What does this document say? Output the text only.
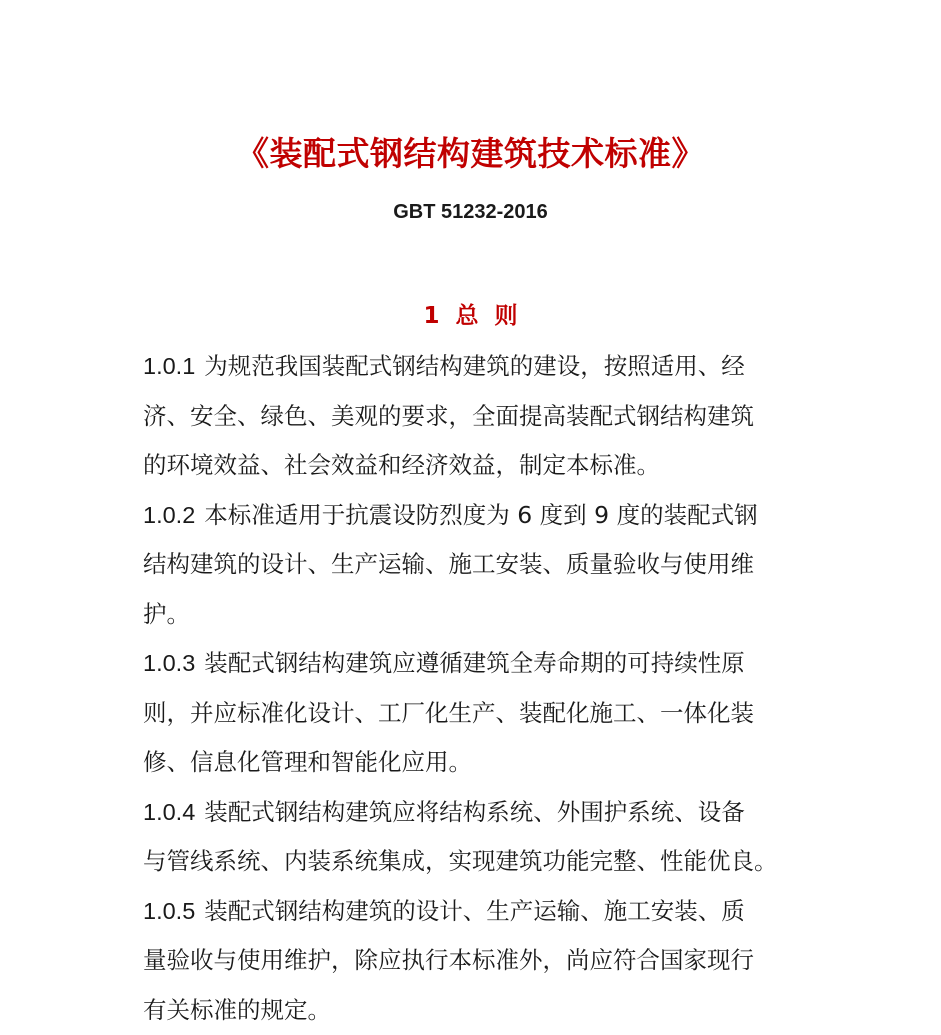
《装配式钢结构建筑技术标准》

GBT 51232-2016

1 总 则
1.0.1 为规范我国装配式钢结构建筑的建设，按照适用、经
济、安全、绿色、美观的要求，全面提高装配式钢结构建筑
的环境效益、社会效益和经济效益，制定本标准。
1.0.2 本标准适用于抗震设防烈度为 6 度到 9 度的装配式钢
结构建筑的设计、生产运输、施工安装、质量验收与使用维
护。
1.0.3 装配式钢结构建筑应遵循建筑全寿命期的可持续性原
则，并应标准化设计、工厂化生产、装配化施工、一体化装
修、信息化管理和智能化应用。
1.0.4 装配式钢结构建筑应将结构系统、外围护系统、设备
与管线系统、内装系统集成，实现建筑功能完整、性能优良。
1.0.5 装配式钢结构建筑的设计、生产运输、施工安装、质
量验收与使用维护，除应执行本标准外，尚应符合国家现行
有关标准的规定。
